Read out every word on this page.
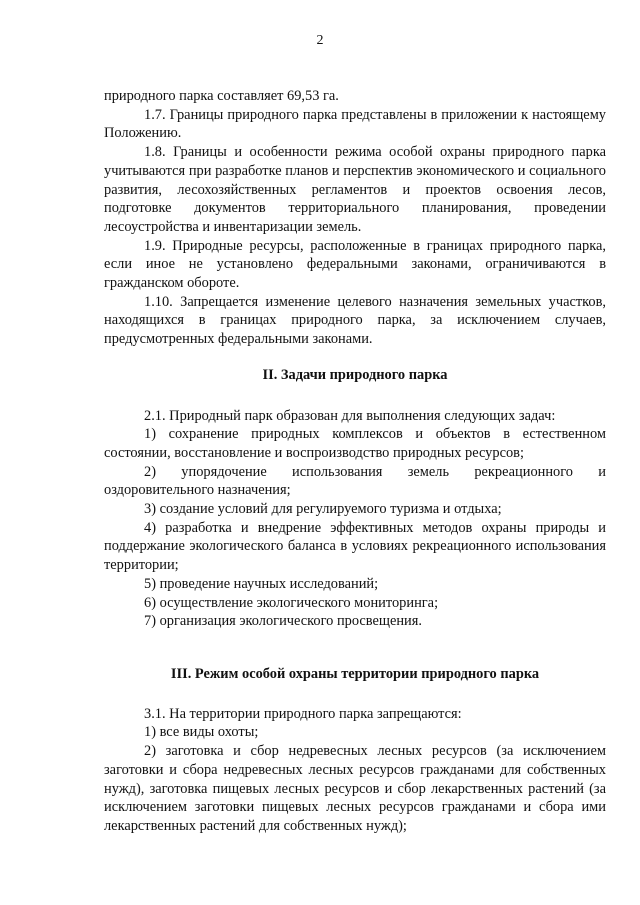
2

природного парка составляет 69,53 га.

1.7. Границы природного парка представлены в приложении к настоящему Положению.

1.8. Границы и особенности режима особой охраны природного парка учитываются при разработке планов и перспектив экономического и социального развития, лесохозяйственных регламентов и проектов освоения лесов, подготовке документов территориального планирования, проведении лесоустройства и инвентаризации земель.

1.9. Природные ресурсы, расположенные в границах природного парка, если иное не установлено федеральными законами, ограничиваются в гражданском обороте.

1.10. Запрещается изменение целевого назначения земельных участков, находящихся в границах природного парка, за исключением случаев, предусмотренных федеральными законами.

II. Задачи природного парка

2.1. Природный парк образован для выполнения следующих задач:

1) сохранение природных комплексов и объектов в естественном состоянии, восстановление и воспроизводство природных ресурсов;

2) упорядочение использования земель рекреационного и оздоровительного назначения;

3) создание условий для регулируемого туризма и отдыха;

4) разработка и внедрение эффективных методов охраны природы и поддержание экологического баланса в условиях рекреационного использования территории;

5) проведение научных исследований;

6) осуществление экологического мониторинга;

7) организация экологического просвещения.

III. Режим особой охраны территории природного парка

3.1. На территории природного парка запрещаются:

1) все виды охоты;

2) заготовка и сбор недревесных лесных ресурсов (за исключением заготовки и сбора недревесных лесных ресурсов гражданами для собственных нужд), заготовка пищевых лесных ресурсов и сбор лекарственных растений (за исключением заготовки пищевых лесных ресурсов гражданами и сбора ими лекарственных растений для собственных нужд);
